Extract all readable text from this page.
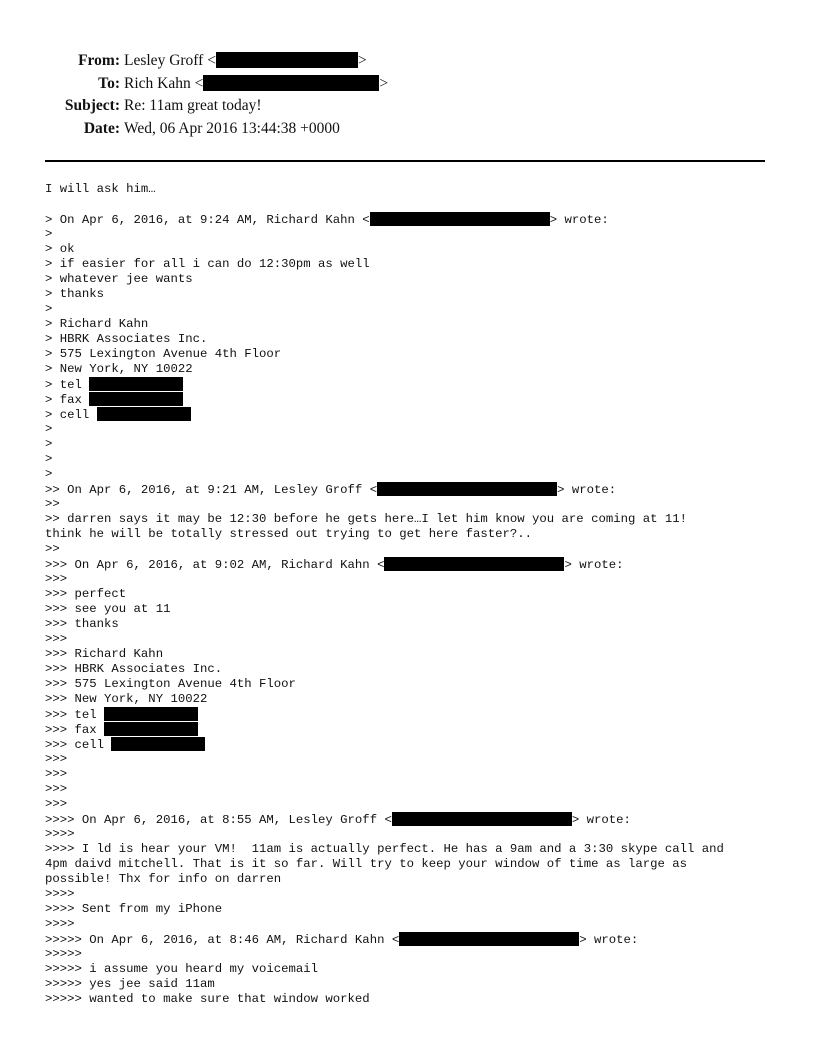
From: Lesley Groff <	>
To: Rich Kahn <	>
Subject: Re: 11am great today!
Date: Wed, 06 Apr 2016 13:44:38 +0000
I will ask him…
> On Apr 6, 2016, at 9:24 AM, Richard Kahn <	> wrote:
>
> ok
> if easier for all i can do 12:30pm as well
> whatever jee wants
> thanks
>
> Richard Kahn
> HBRK Associates Inc.
> 575 Lexington Avenue 4th Floor
> New York, NY 10022
> tel
> fax
> cell
>
>
>
>
>> On Apr 6, 2016, at 9:21 AM, Lesley Groff <	> wrote:
>>
>> darren says it may be 12:30 before he gets here…I let him know you are coming at 11!
think he will be totally stressed out trying to get here faster?..
>>
>>> On Apr 6, 2016, at 9:02 AM, Richard Kahn <	> wrote:
>>>
>>> perfect
>>> see you at 11
>>> thanks
>>>
>>> Richard Kahn
>>> HBRK Associates Inc.
>>> 575 Lexington Avenue 4th Floor
>>> New York, NY 10022
>>> tel
>>> fax
>>> cell
>>>
>>>
>>>
>>>
>>>> On Apr 6, 2016, at 8:55 AM, Lesley Groff <	> wrote:
>>>>
>>>> I ld is hear your VM!  11am is actually perfect. He has a 9am and a 3:30 skype call and
4pm daivd mitchell. That is it so far. Will try to keep your window of time as large as
possible! Thx for info on darren
>>>>
>>>> Sent from my iPhone
>>>>
>>>>> On Apr 6, 2016, at 8:46 AM, Richard Kahn <	> wrote:
>>>>>
>>>>> i assume you heard my voicemail
>>>>> yes jee said 11am
>>>>> wanted to make sure that window worked
